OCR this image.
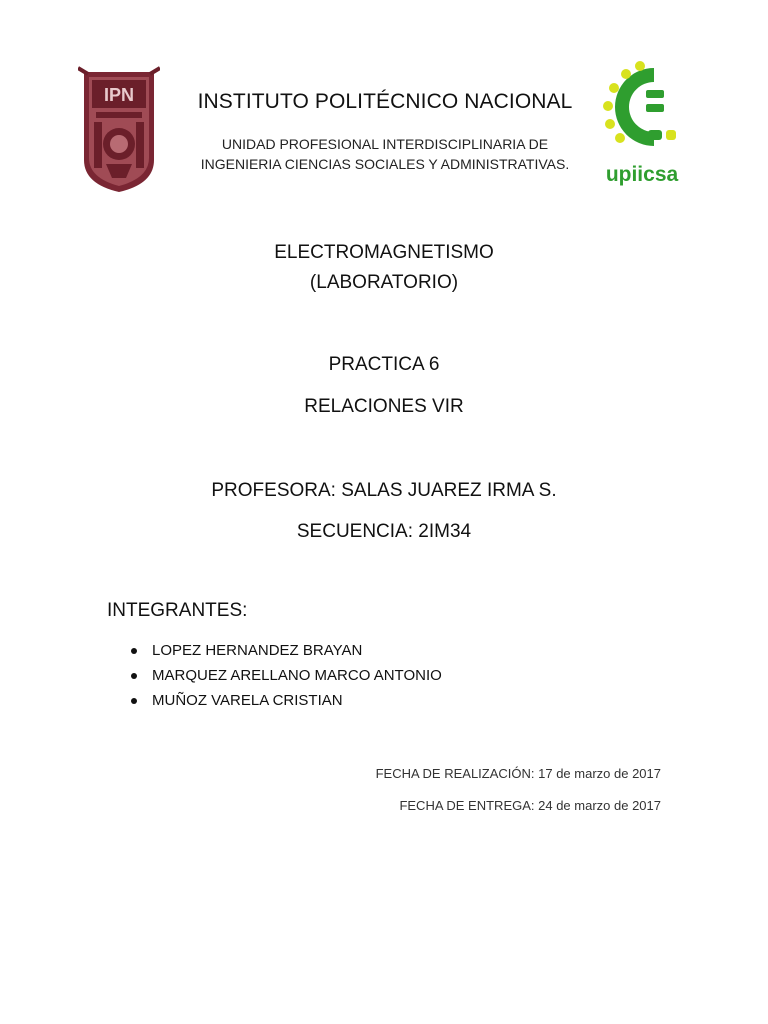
IPN	INSTITUTO POLITÉCNICO NACIONAL
UNIDAD PROFESIONAL INTERDISCIPLINARIA DE
INGENIERIA CIENCIAS SOCIALES Y ADMINISTRATIVAS.	upiicsa
ELECTROMAGNETISMO
(LABORATORIO)
PRACTICA 6
RELACIONES VIR
PROFESORA: SALAS JUAREZ IRMA S.
SECUENCIA: 2IM34
INTEGRANTES:
LOPEZ HERNANDEZ BRAYAN
MARQUEZ ARELLANO MARCO ANTONIO
MUÑOZ VARELA CRISTIAN
FECHA DE REALIZACIÓN: 17 de marzo de 2017
FECHA DE ENTREGA: 24 de marzo de 2017
